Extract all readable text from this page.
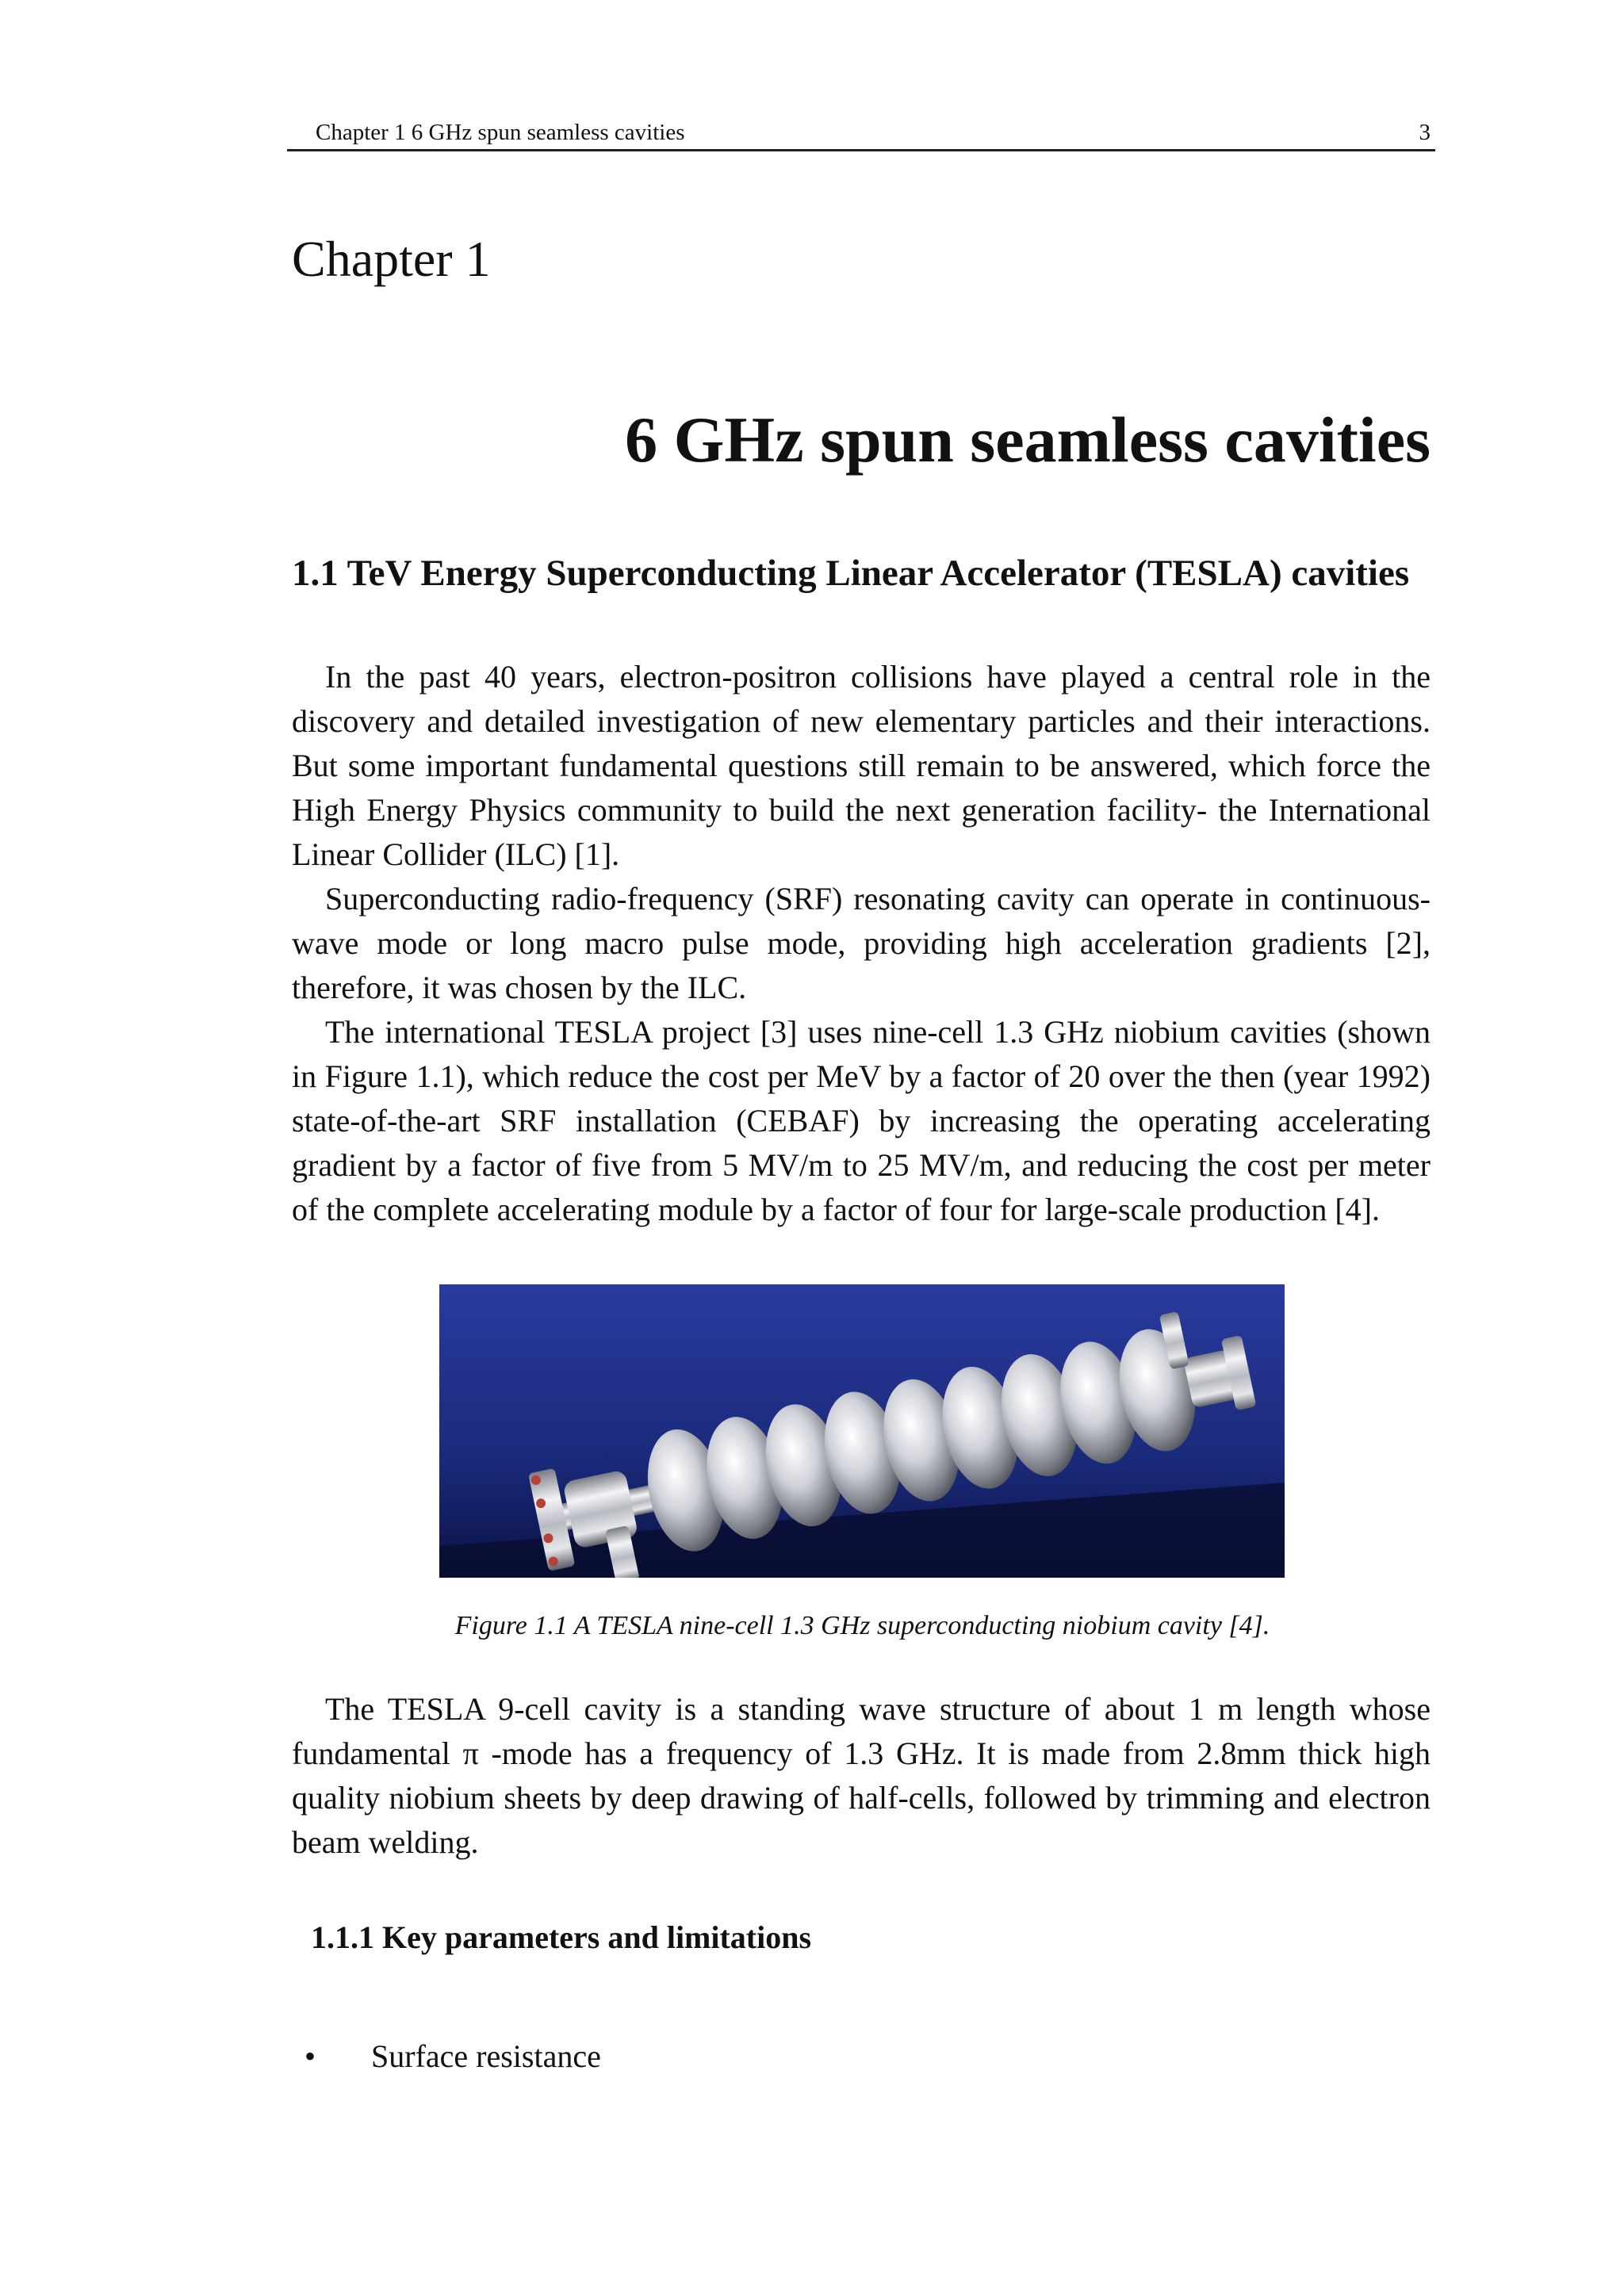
Chapter 1 6 GHz spun seamless cavities	3
Chapter 1
6 GHz spun seamless cavities
1.1 TeV Energy Superconducting Linear Accelerator (TESLA) cavities

In the past 40 years, electron-positron collisions have played a central role in the discovery and detailed investigation of new elementary particles and their interactions. But some important fundamental questions still remain to be answered, which force the High Energy Physics community to build the next generation facility- the International Linear Collider (ILC) [1].

Superconducting radio-frequency (SRF) resonating cavity can operate in continuous-wave mode or long macro pulse mode, providing high acceleration gradients [2], therefore, it was chosen by the ILC.

The international TESLA project [3] uses nine-cell 1.3 GHz niobium cavities (shown in Figure 1.1), which reduce the cost per MeV by a factor of 20 over the then (year 1992) state-of-the-art SRF installation (CEBAF) by increasing the operating accelerating gradient by a factor of five from 5 MV/m to 25 MV/m, and reducing the cost per meter of the complete accelerating module by a factor of four for large-scale production [4].

Figure 1.1 A TESLA nine-cell 1.3 GHz superconducting niobium cavity [4].

The TESLA 9-cell cavity is a standing wave structure of about 1 m length whose fundamental π -mode has a frequency of 1.3 GHz. It is made from 2.8mm thick high quality niobium sheets by deep drawing of half-cells, followed by trimming and electron beam welding.

1.1.1 Key parameters and limitations
• Surface resistance
